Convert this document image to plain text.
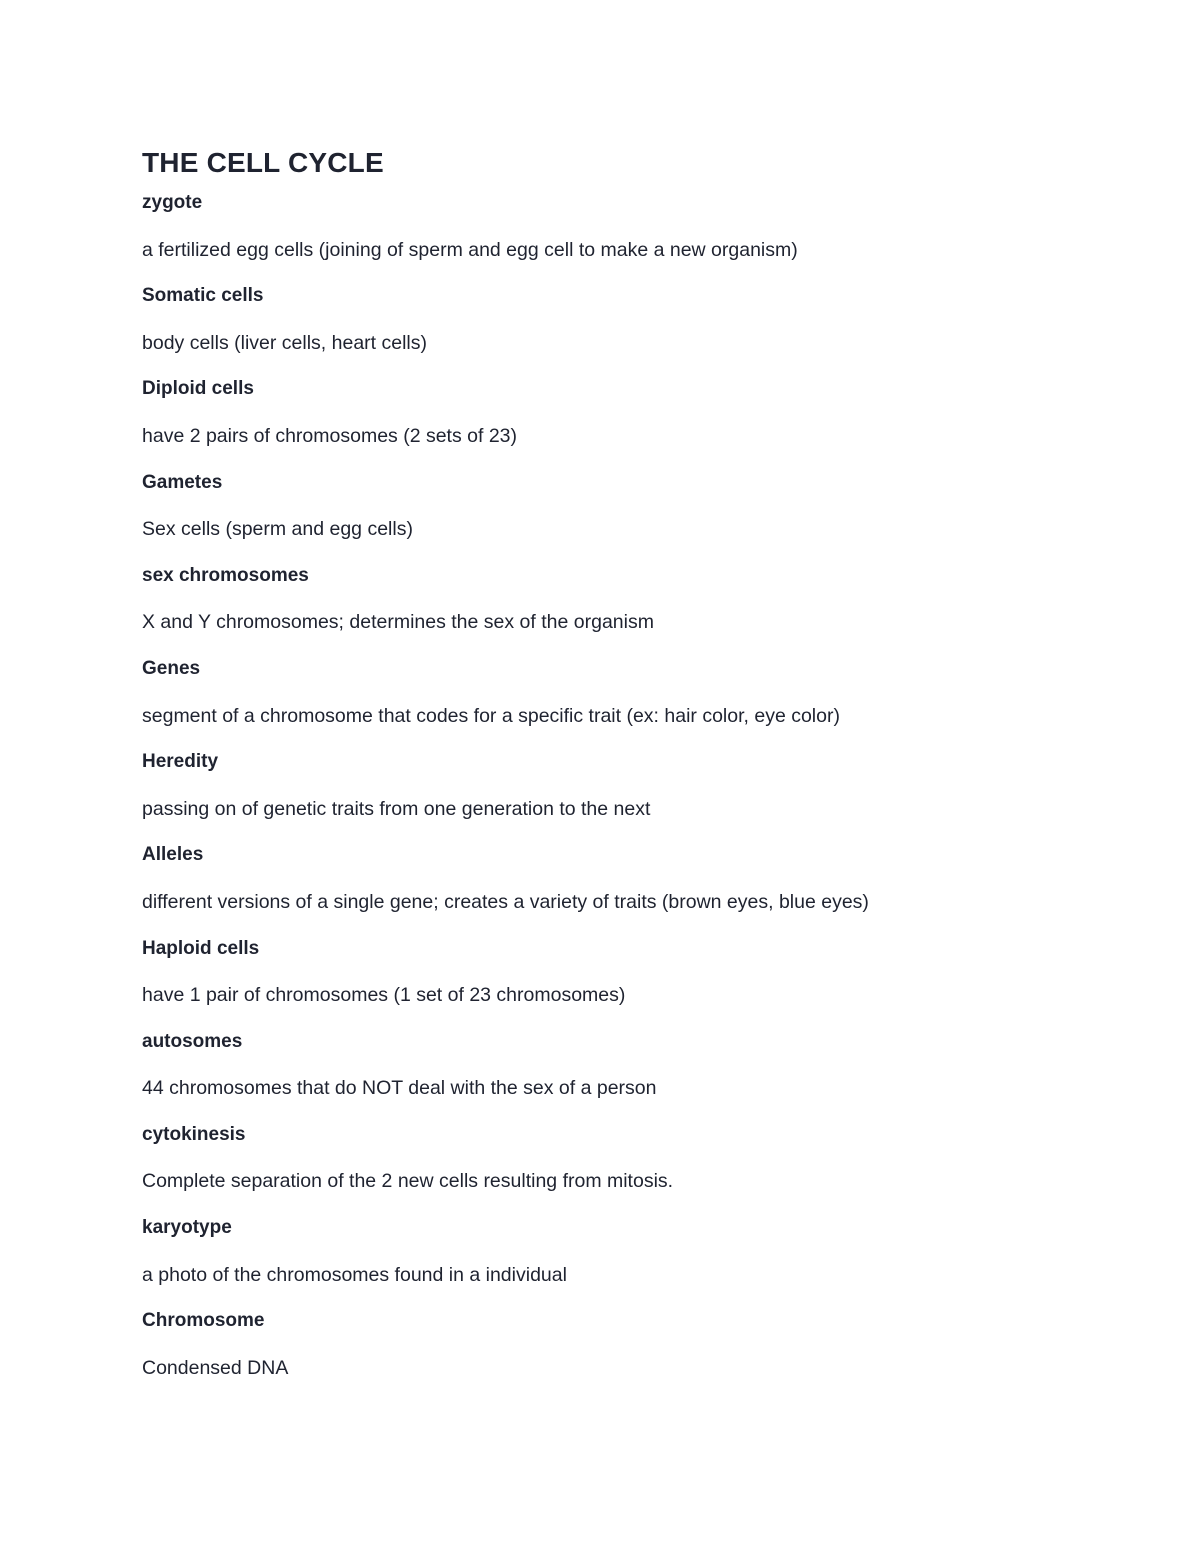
THE CELL CYCLE

zygote

a fertilized egg cells (joining of sperm and egg cell to make a new organism)

Somatic cells

body cells (liver cells, heart cells)

Diploid cells

have 2 pairs of chromosomes (2 sets of 23)

Gametes

Sex cells (sperm and egg cells)

sex chromosomes

X and Y chromosomes; determines the sex of the organism

Genes

segment of a chromosome that codes for a specific trait (ex: hair color, eye color)

Heredity

passing on of genetic traits from one generation to the next

Alleles

different versions of a single gene; creates a variety of traits (brown eyes, blue eyes)

Haploid cells

have 1 pair of chromosomes (1 set of 23 chromosomes)

autosomes

44 chromosomes that do NOT deal with the sex of a person

cytokinesis

Complete separation of the 2 new cells resulting from mitosis.

karyotype

a photo of the chromosomes found in a individual

Chromosome

Condensed DNA
